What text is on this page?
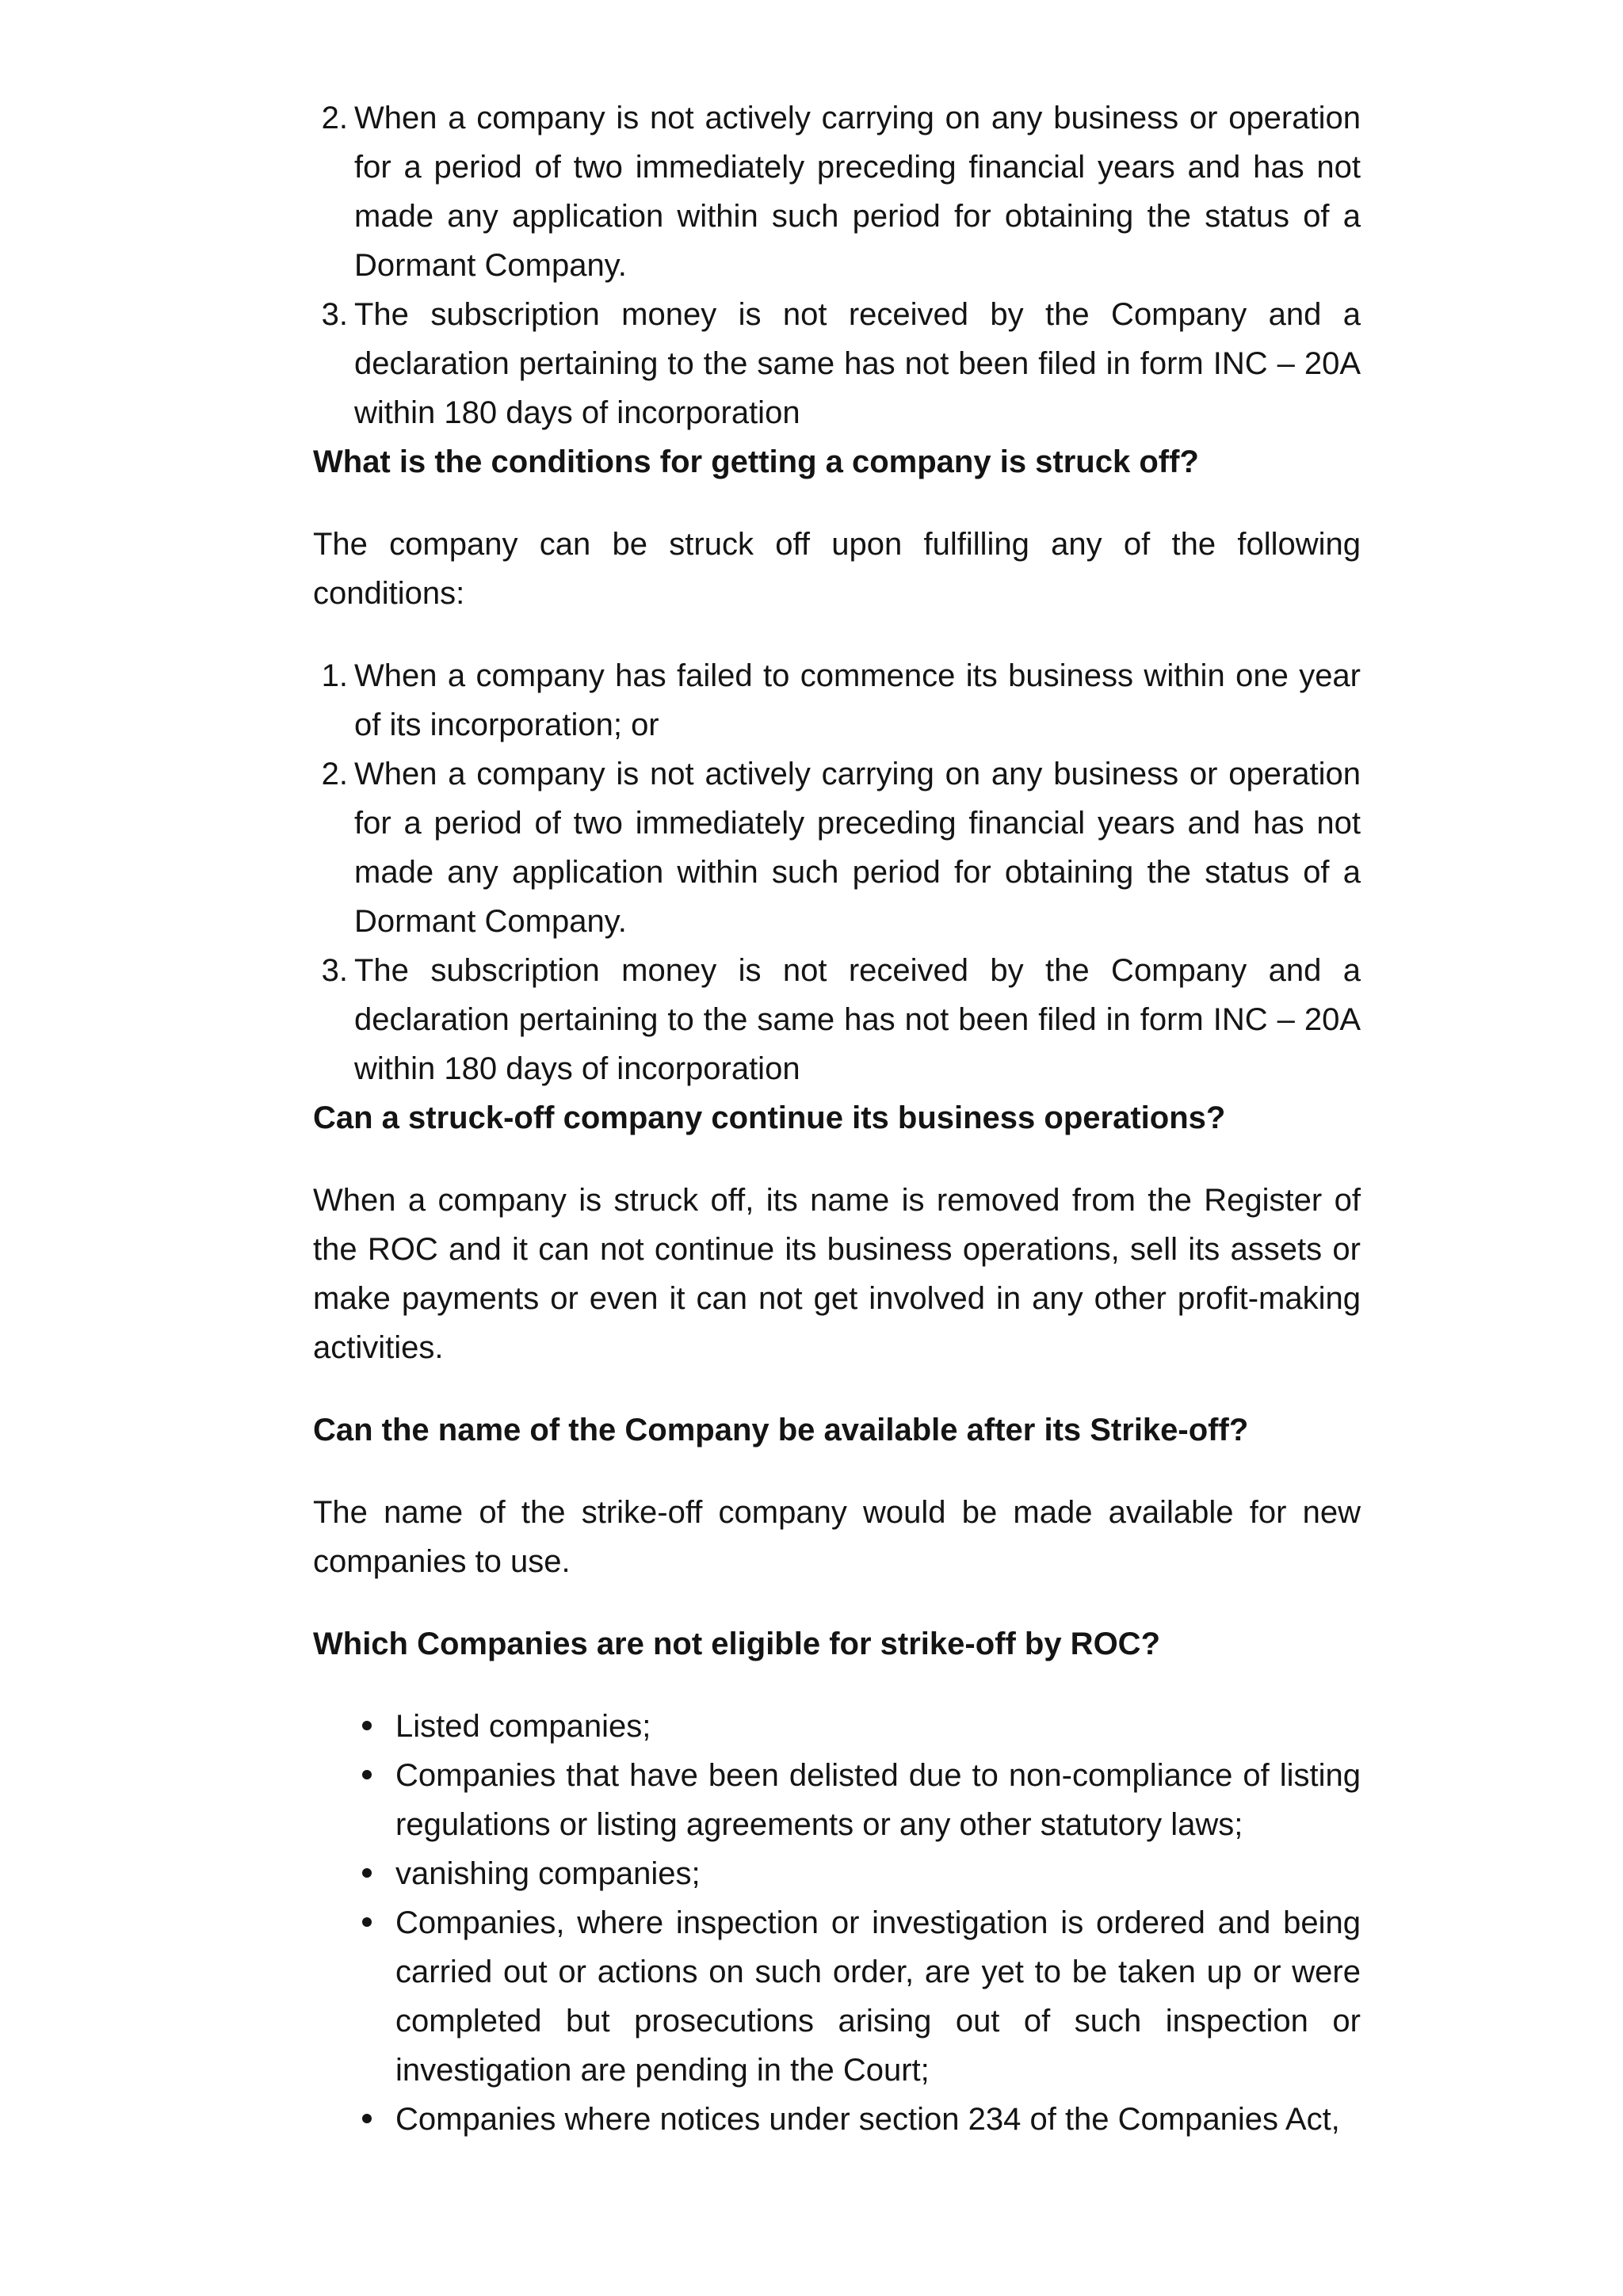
2. When a company is not actively carrying on any business or operation for a period of two immediately preceding financial years and has not made any application within such period for obtaining the status of a Dormant Company.
3. The subscription money is not received by the Company and a declaration pertaining to the same has not been filed in form INC – 20A within 180 days of incorporation
What is the conditions for getting a company is struck off?

The company can be struck off upon fulfilling any of the following conditions:

1. When a company has failed to commence its business within one year of its incorporation; or
2. When a company is not actively carrying on any business or operation for a period of two immediately preceding financial years and has not made any application within such period for obtaining the status of a Dormant Company.
3. The subscription money is not received by the Company and a declaration pertaining to the same has not been filed in form INC – 20A within 180 days of incorporation
Can a struck-off company continue its business operations?

When a company is struck off, its name is removed from the Register of the ROC and it can not continue its business operations, sell its assets or make payments or even it can not get involved in any other profit-making activities.

Can the name of the Company be available after its Strike-off?

The name of the strike-off company would be made available for new companies to use.

Which Companies are not eligible for strike-off by ROC?
Listed companies;
Companies that have been delisted due to non-compliance of listing regulations or listing agreements or any other statutory laws;
vanishing companies;
Companies, where inspection or investigation is ordered and being carried out or actions on such order, are yet to be taken up or were completed but prosecutions arising out of such inspection or investigation are pending in the Court;
Companies where notices under section 234 of the Companies Act,
